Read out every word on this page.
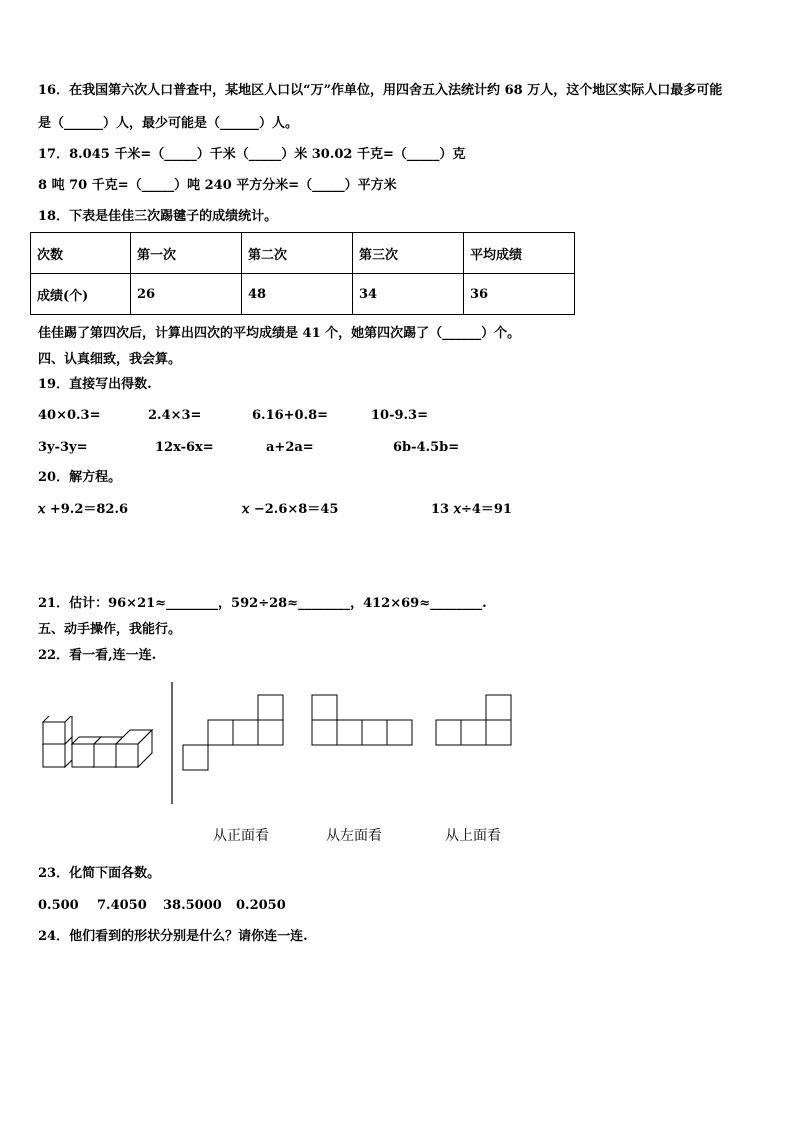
16．在我国第六次人口普查中，某地区人口以“万”作单位，用四舍五入法统计约 68 万人，这个地区实际人口最多可能
是（______）人，最少可能是（______）人。
17．8.045 千米=（_____）千米（_____）米 30.02 千克=（_____）克
8 吨 70 千克=（_____）吨 240 平方分米=（_____）平方米
18．下表是佳佳三次踢毽子的成绩统计。
次数	第一次	第二次	第三次	平均成绩
成绩(个)	26	48	34	36
佳佳踢了第四次后，计算出四次的平均成绩是 41 个，她第四次踢了（______）个。
四、认真细致，我会算。
19．直接写出得数.
40×0.3=	2.4×3=	6.16+0.8=	10-9.3=
3y-3y=	12x-6x=	a+2a=	6b-4.5b=
20．解方程。
𝑥 +9.2＝82.6	𝑥 −2.6×8＝45	13 𝑥÷4＝91
21．估计：96×21≈________，592÷28≈________，412×69≈________.
五、动手操作，我能行。
22．看一看,连一连.
从正面看	从左面看	从上面看
23．化简下面各数。
0.500 7.4050 38.5000 0.2050
24．他们看到的形状分别是什么？请你连一连.
